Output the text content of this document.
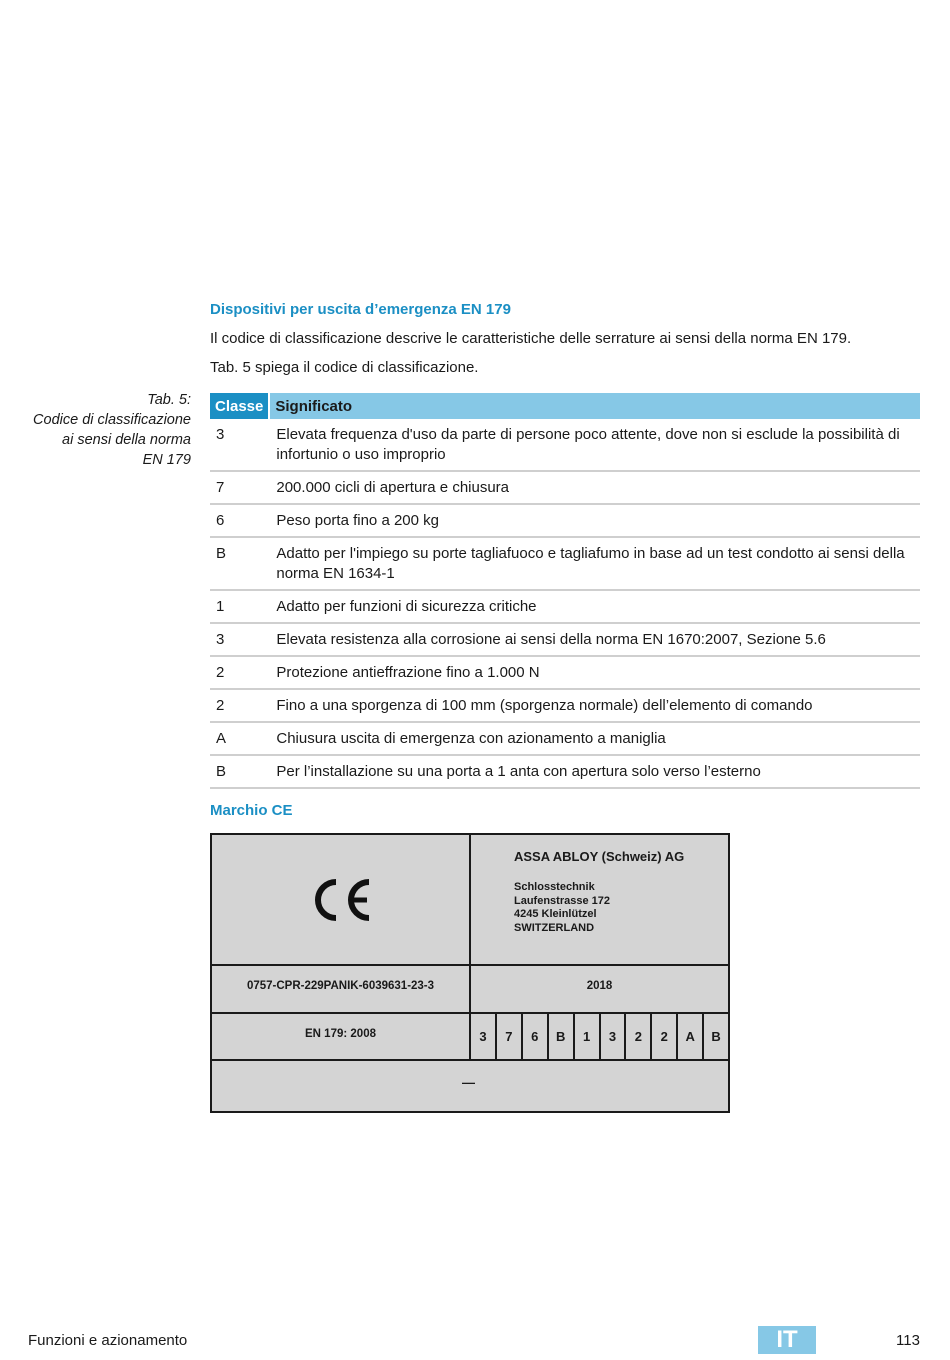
Dispositivi per uscita d’emergenza EN 179

Il codice di classificazione descrive le caratteristiche delle serrature ai sensi della norma EN 179.

Tab. 5 spiega il codice di classificazione.

Tab. 5:
Codice di classificazione
ai sensi della norma
EN 179
Classe	Significato
3	Elevata frequenza d'uso da parte di persone poco attente, dove non si esclude la possibilità di infortunio o uso improprio
7	200.000 cicli di apertura e chiusura
6	Peso porta fino a 200 kg
B	Adatto per l'impiego su porte tagliafuoco e tagliafumo in base ad un test condotto ai sensi della norma EN 1634-1
1	Adatto per funzioni di sicurezza critiche
3	Elevata resistenza alla corrosione ai sensi della norma EN 1670:2007, Sezione 5.6
2	Protezione antieffrazione fino a 1.000 N
2	Fino a una sporgenza di 100 mm (sporgenza normale) dell’elemento di comando
A	Chiusura uscita di emergenza con azionamento a maniglia
B	Per l’installazione su una porta a 1 anta con apertura solo verso l’esterno
Marchio CE
ASSA ABLOY (Schweiz) AG
Schlosstechnik
Laufenstrasse 172
4245 Kleinlützel
SWITZERLAND
0757-CPR-229PANIK-6039631-23-3	2018
EN 179: 2008	3	7	6	B	1	3	2	2	A	B
—

Funzioni e azionamento	IT	113
